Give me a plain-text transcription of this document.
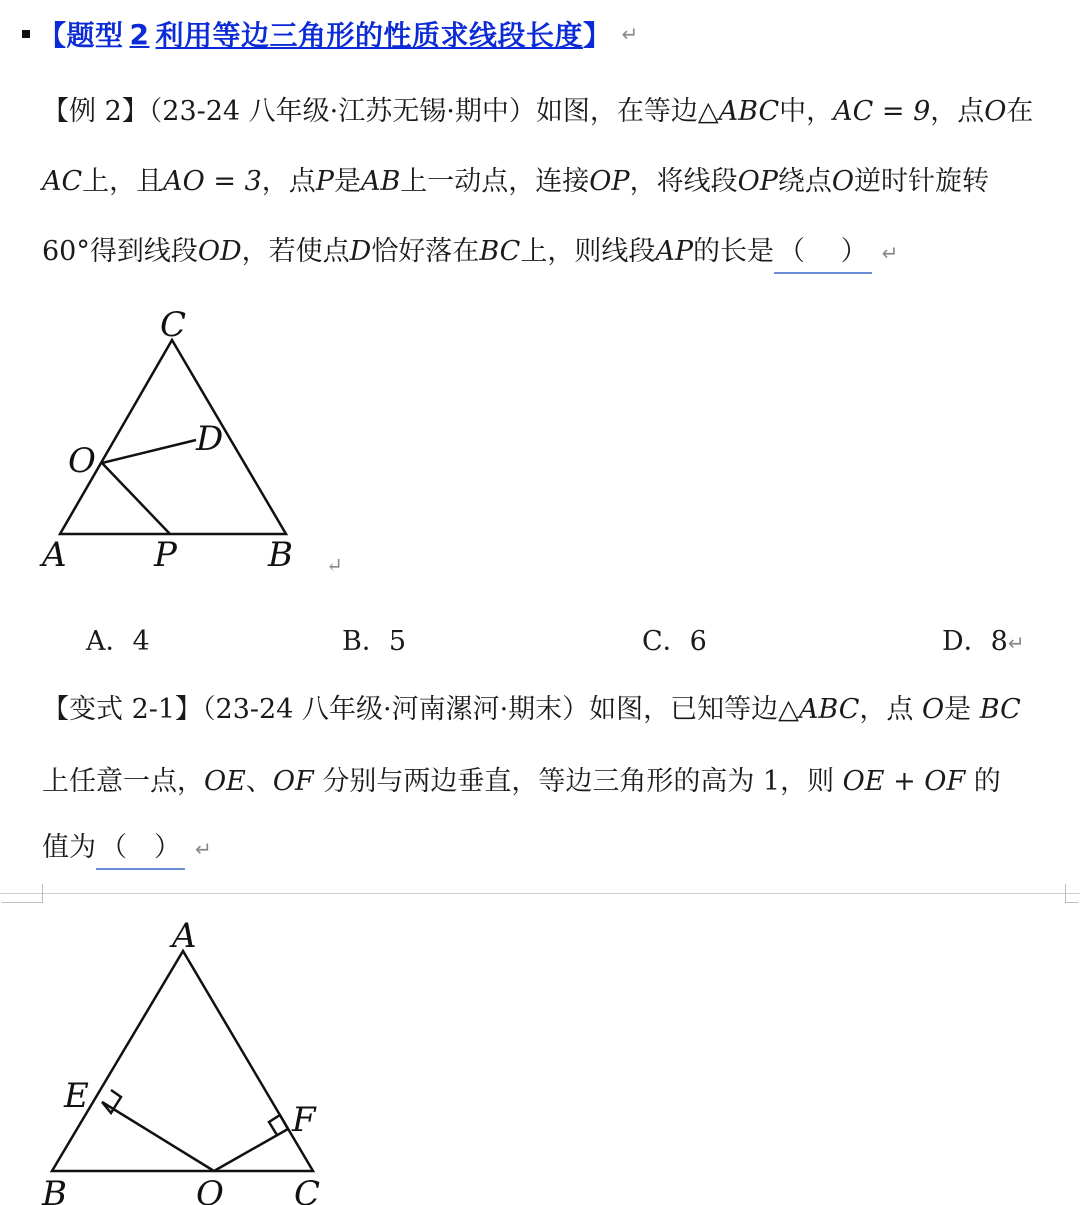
【 题型 2 利用等边三角形的性质求线段长度 】 ↵
【例 2】（23-24 八年级·江苏无锡·期中）如图，在等边△ABC中，AC = 9，点O在
AC上，且AO = 3，点P是AB上一动点，连接OP，将线段OP绕点O逆时针旋转
60°得到线段OD，若使点D恰好落在BC上，则线段AP的长是 （　 ） ↵
C
D
O
A	P	B ↵
A．4	B．5	C．6	D．8↵
【变式 2-1】（23-24 八年级·河南漯河·期末）如图，已知等边△ABC，点 O是 BC
上任意一点，OE、OF 分别与两边垂直，等边三角形的高为 1，则 OE + OF 的
值为 （　） ↵
A
E
F
B	O C
